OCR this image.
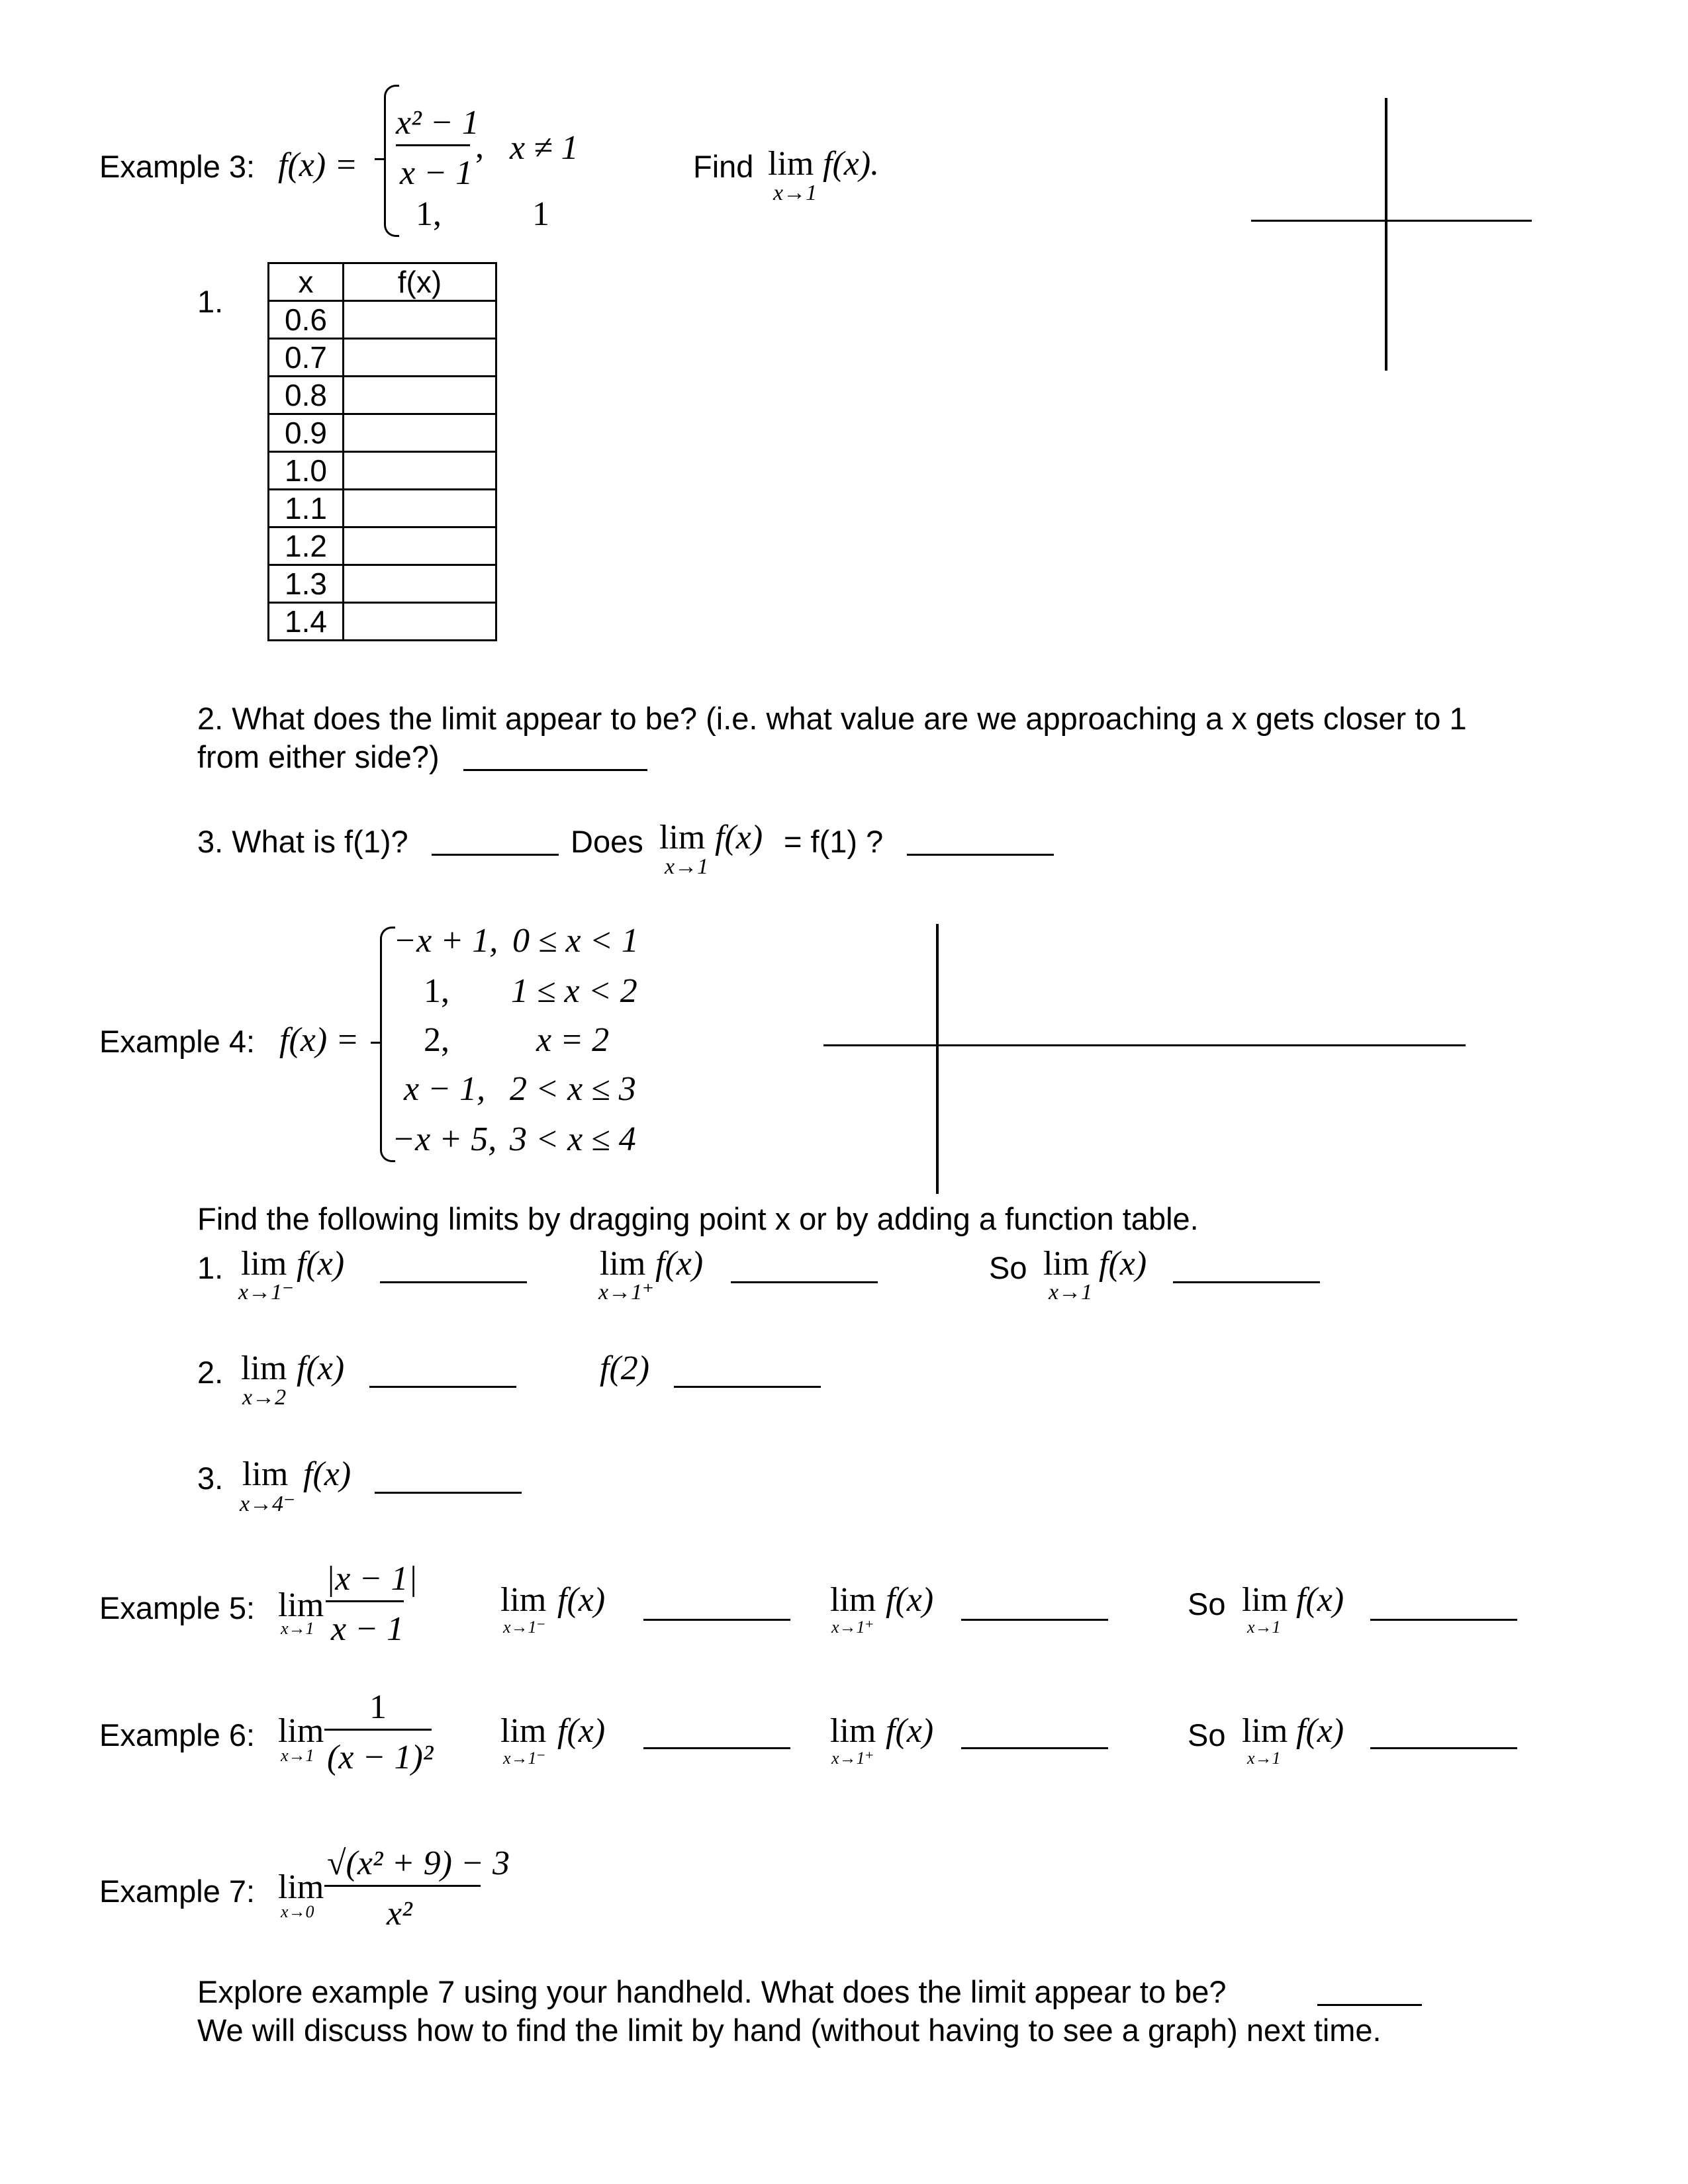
Example 3: f(x) =
x² − 1
x − 1
, x ≠ 1
1,	1
Find lim
x→1
f(x).
1.
x	f(x)
0.6	
0.7	
0.8	
0.9	
1.0	
1.1	
1.2	
1.3	
1.4	
2. What does the limit appear to be? (i.e. what value are we approaching a x gets closer to 1
from either side?)
3. What is f(1)?	Does lim
x→1
f(x) = f(1) ?
Example 4: f(x) =
−x + 1, 0 ≤ x < 1
1, 1 ≤ x < 2
2,	x = 2
x − 1, 2 < x ≤ 3
−x + 5, 3 < x ≤ 4
Find the following limits by dragging point x or by adding a function table.
1. lim
x→1⁻
f(x)	lim
x→1⁺
f(x)	So lim
x→1
f(x)
2. lim
x→2
f(x)	f(2)
3. lim
x→4⁻
f(x)
Example 5: lim
x→1
|x − 1|
x − 1
lim
x→1⁻
f(x)	lim
x→1⁺
f(x)	So lim
x→1
f(x)
Example 6: lim
x→1
1
(x − 1)²
lim
x→1⁻
f(x)	lim
x→1⁺
f(x)	So lim
x→1
f(x)
Example 7: lim
x→0
√(x² + 9) − 3
x²
Explore example 7 using your handheld. What does the limit appear to be?
We will discuss how to find the limit by hand (without having to see a graph) next time.
